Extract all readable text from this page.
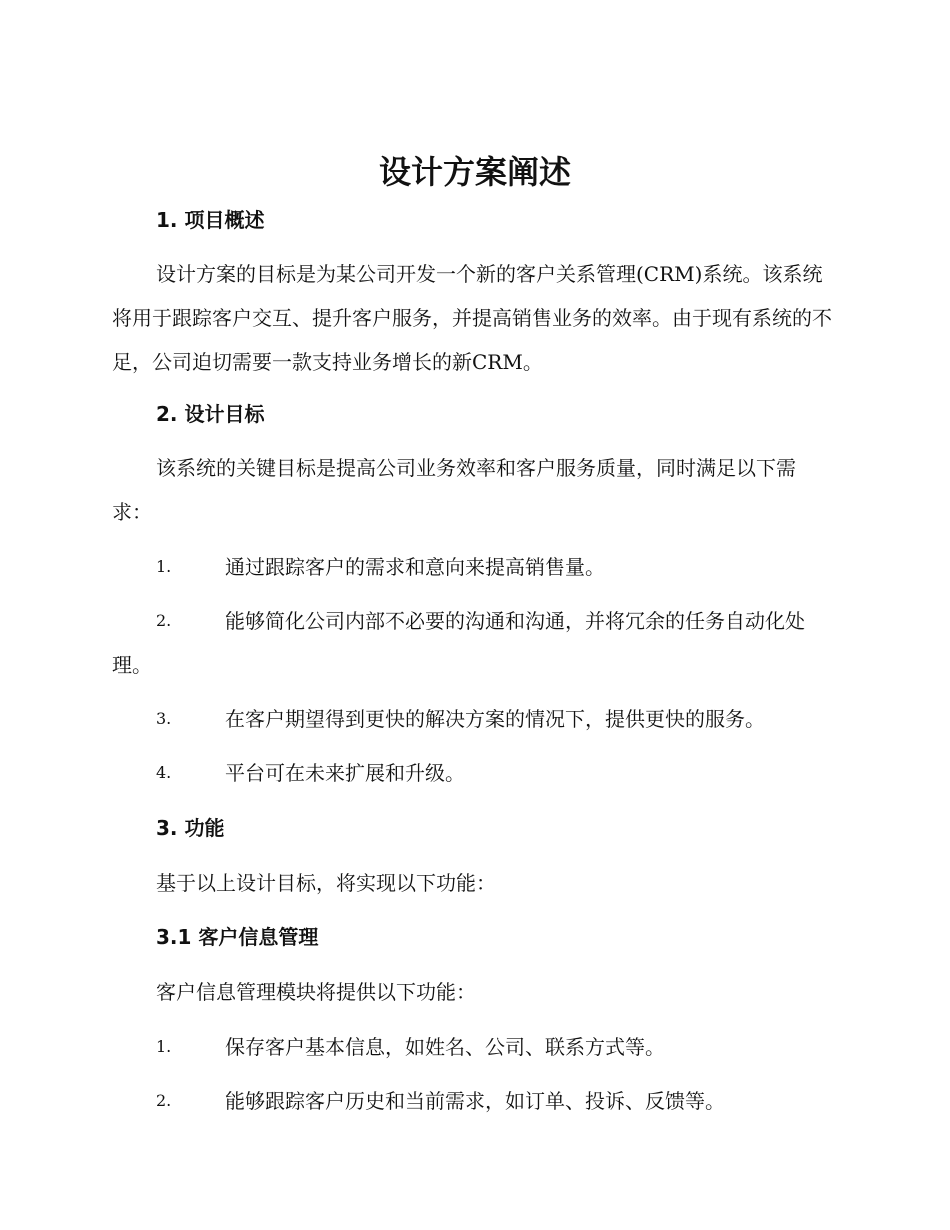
设计方案阐述
1. 项目概述

设计方案的目标是为某公司开发一个新的客户关系管理(CRM)系统。该系统将用于跟踪客户交互、提升客户服务，并提高销售业务的效率。由于现有系统的不足，公司迫切需要一款支持业务增长的新CRM。

2. 设计目标

该系统的关键目标是提高公司业务效率和客户服务质量，同时满足以下需求：

1.	通过跟踪客户的需求和意向来提高销售量。
2.	能够简化公司内部不必要的沟通和沟通，并将冗余的任务自动化处理。
3.	在客户期望得到更快的解决方案的情况下，提供更快的服务。
4.	平台可在未来扩展和升级。
3. 功能

基于以上设计目标，将实现以下功能：

3.1 客户信息管理

客户信息管理模块将提供以下功能：

1.	保存客户基本信息，如姓名、公司、联系方式等。
2.	能够跟踪客户历史和当前需求，如订单、投诉、反馈等。
